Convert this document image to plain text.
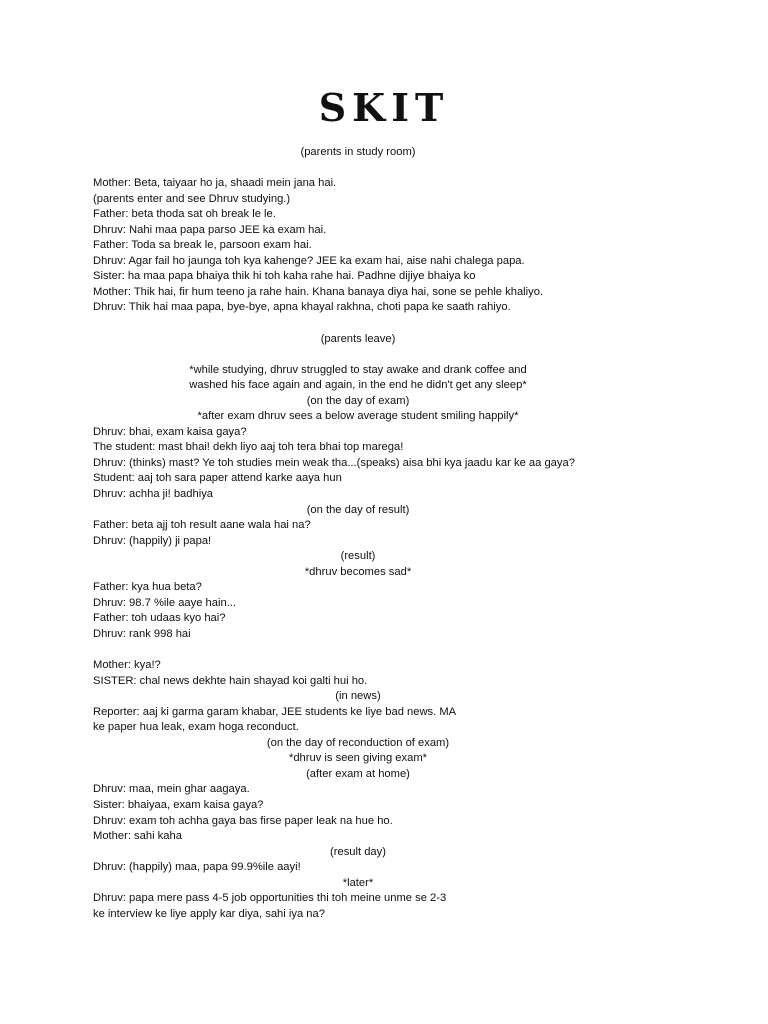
SKIT
(parents in study room)
Mother: Beta, taiyaar ho ja, shaadi mein jana hai.
(parents enter and see Dhruv studying.)
Father: beta thoda sat oh break le le.
Dhruv: Nahi maa papa parso JEE ka exam hai.
Father: Toda sa break le, parsoon exam hai.
Dhruv: Agar fail ho jaunga toh kya kahenge? JEE ka exam hai, aise nahi chalega papa.
Sister: ha maa papa bhaiya thik hi toh kaha rahe hai. Padhne dijiye bhaiya ko
Mother: Thik hai, fir hum teeno ja rahe hain. Khana banaya diya hai, sone se pehle khaliyo.
Dhruv: Thik hai maa papa, bye-bye, apna khayal rakhna, choti papa ke saath rahiyo.
(parents leave)
*while studying, dhruv struggled to stay awake and drank coffee and
washed his face again and again, in the end he didn't get any sleep*
(on the day of exam)
*after exam dhruv sees a below average student smiling happily*
Dhruv: bhai, exam kaisa gaya?
The student: mast bhai! dekh liyo aaj toh tera bhai top marega!
Dhruv: (thinks) mast? Ye toh studies mein weak tha...(speaks) aisa bhi kya jaadu kar ke aa gaya?
Student: aaj toh sara paper attend karke aaya hun
Dhruv: achha ji! badhiya
(on the day of result)
Father: beta ajj toh result aane wala hai na?
Dhruv: (happily) ji papa!
(result)
*dhruv becomes sad*
Father: kya hua beta?
Dhruv: 98.7 %ile aaye hain...
Father: toh udaas kyo hai?
Dhruv: rank 998 hai
Mother: kya!?
SISTER: chal news dekhte hain shayad koi galti hui ho.
(in news)
Reporter: aaj ki garma garam khabar, JEE students ke liye bad news. MA
ke paper hua leak, exam hoga reconduct.
(on the day of reconduction of exam)
*dhruv is seen giving exam*
(after exam at home)
Dhruv: maa, mein ghar aagaya.
Sister: bhaiyaa, exam kaisa gaya?
Dhruv: exam toh achha gaya bas firse paper leak na hue ho.
Mother: sahi kaha
(result day)
Dhruv: (happily) maa, papa 99.9%ile aayi!
*later*
Dhruv: papa mere pass 4-5 job opportunities thi toh meine unme se 2-3
ke interview ke liye apply kar diya, sahi iya na?
